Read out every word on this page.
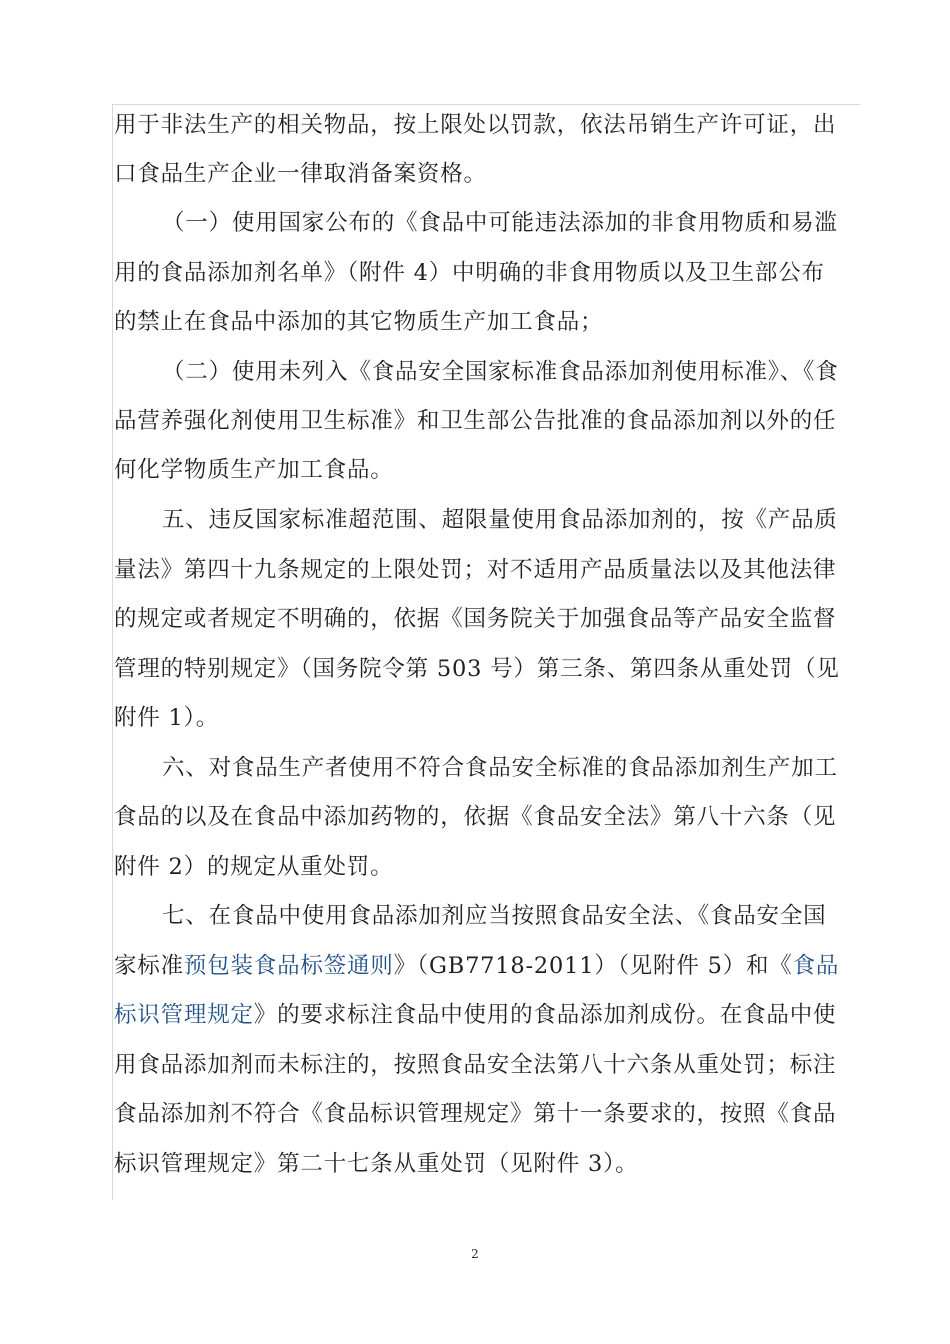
用于非法生产的相关物品，按上限处以罚款，依法吊销生产许可证，出
口食品生产企业一律取消备案资格。
（一）使用国家公布的《食品中可能违法添加的非食用物质和易滥
用的食品添加剂名单》（附件 4）中明确的非食用物质以及卫生部公布
的禁止在食品中添加的其它物质生产加工食品；
（二）使用未列入《食品安全国家标准食品添加剂使用标准》、《食
品营养强化剂使用卫生标准》和卫生部公告批准的食品添加剂以外的任
何化学物质生产加工食品。
五、违反国家标准超范围、超限量使用食品添加剂的，按《产品质
量法》第四十九条规定的上限处罚；对不适用产品质量法以及其他法律
的规定或者规定不明确的，依据《国务院关于加强食品等产品安全监督
管理的特别规定》（国务院令第 503 号）第三条、第四条从重处罚（见
附件 1）。
六、对食品生产者使用不符合食品安全标准的食品添加剂生产加工
食品的以及在食品中添加药物的，依据《食品安全法》第八十六条（见
附件 2）的规定从重处罚。
七、在食品中使用食品添加剂应当按照食品安全法、《食品安全国
家标准预包装食品标签通则》（GB7718-2011）（见附件 5）和《食品
标识管理规定》的要求标注食品中使用的食品添加剂成份。在食品中使
用食品添加剂而未标注的，按照食品安全法第八十六条从重处罚；标注
食品添加剂不符合《食品标识管理规定》第十一条要求的，按照《食品
标识管理规定》第二十七条从重处罚（见附件 3）。
2
